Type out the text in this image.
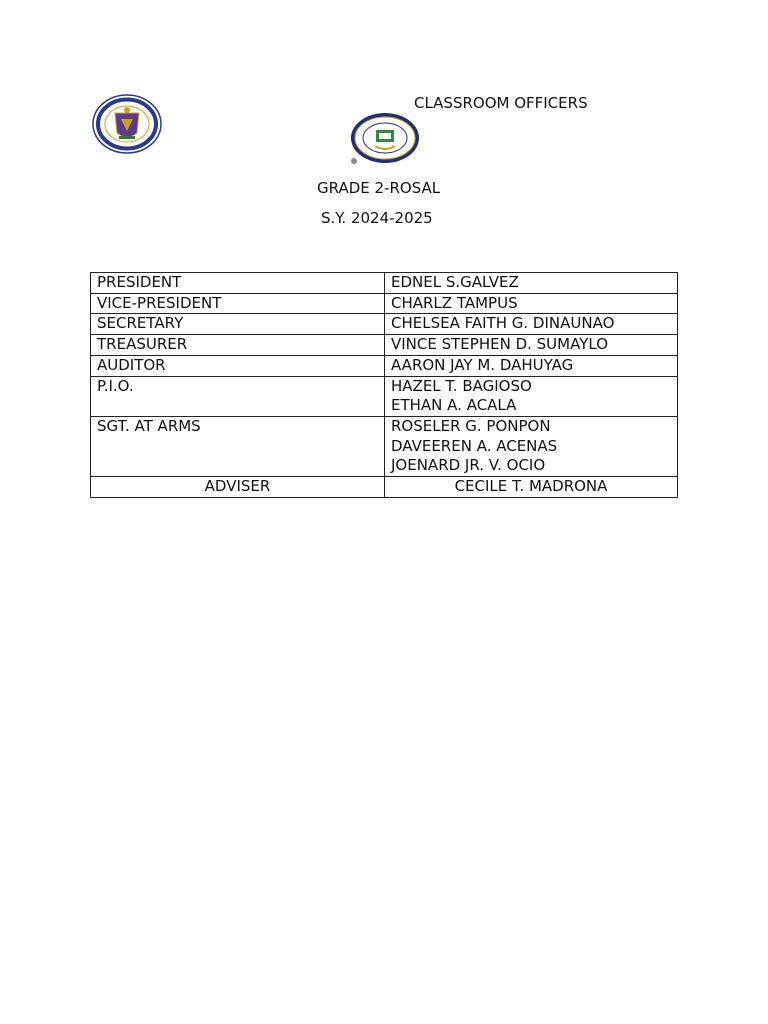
CLASSROOM OFFICERS
GRADE 2-ROSAL
S.Y. 2024-2025
PRESIDENT	EDNEL S.GALVEZ

VICE-PRESIDENT	CHARLZ TAMPUS

SECRETARY	CHELSEA FAITH G. DINAUNAO

TREASURER	VINCE STEPHEN D. SUMAYLO

AUDITOR	AARON JAY M. DAHUYAG

P.I.O.	HAZEL T. BAGIOSO
ETHAN A. ACALA

SGT. AT ARMS	ROSELER G. PONPON
DAVEEREN A. ACENAS
JOENARD JR. V. OCIO

ADVISER	CECILE T. MADRONA
